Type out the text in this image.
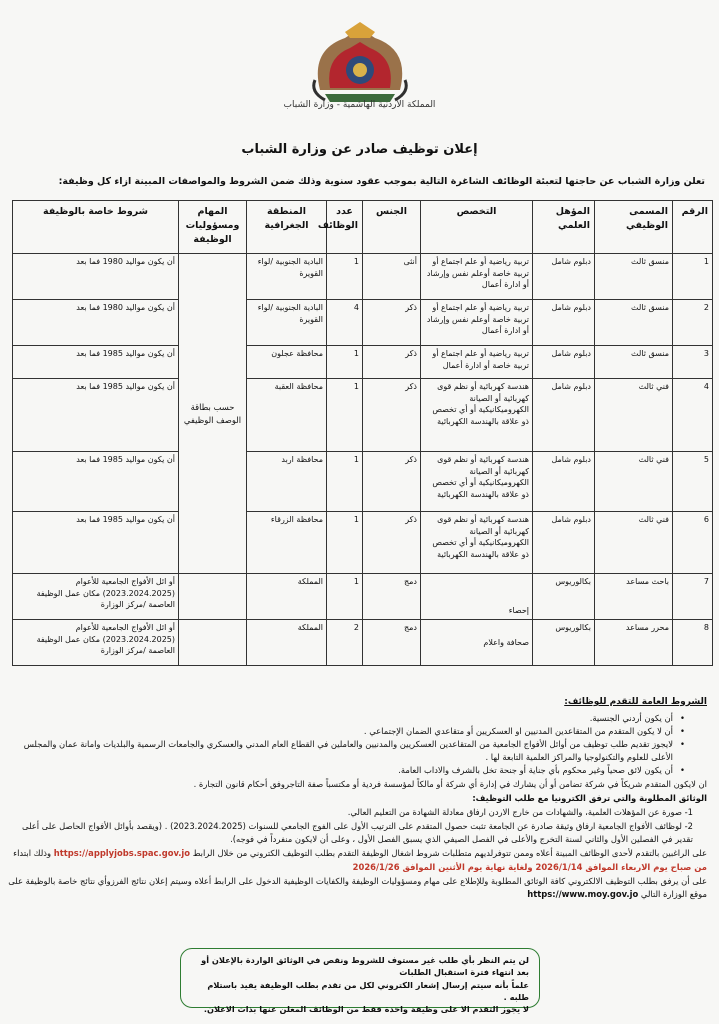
المملكة الأردنية الهاشمية - وزارة الشباب
إعلان توظيف صادر عن وزارة الشباب
تعلن وزارة الشباب عن حاجتها لتعبئة الوظائف الشاغرة التالية بموجب عقود سنوية وذلك ضمن الشروط والمواصفات المبينة ازاء كل وظيفة:
الرقم	المسمى الوظيفي	المؤهل العلمي	التخصص	الجنس	عدد الوظائف	المنطقة الجغرافية	المهام ومسؤوليات الوظيفة	شروط خاصة بالوظيفة
1	منسق ثالث	دبلوم شامل	تربية رياضية أو علم اجتماع أو تربية خاصة أوعلم نفس وإرشاد أو ادارة أعمال	أنثى	1	البادية الجنوبية /لواء القويرة	حسب بطاقة الوصف الوظيفي	أن يكون مواليد 1980 فما بعد
2	منسق ثالث	دبلوم شامل	تربية رياضية أو علم اجتماع أو تربية خاصة أوعلم نفس وإرشاد أو ادارة أعمال	ذكر	4	البادية الجنوبية /لواء القويرة		أن يكون مواليد 1980 فما بعد
3	منسق ثالث	دبلوم شامل	تربية رياضية أو علم اجتماع أو تربية خاصة أو ادارة أعمال	ذكر	1	محافظة عجلون		أن يكون مواليد 1985 فما بعد
4	فني ثالث	دبلوم شامل	هندسة كهربائية أو نظم قوى كهربائية أو الصيانة الكهروميكانيكية أو أي تخصص ذو علاقة بالهندسة الكهربائية	ذكر	1	محافظة العقبة		أن يكون مواليد 1985 فما بعد
5	فني ثالث	دبلوم شامل	هندسة كهربائية أو نظم قوى كهربائية أو الصيانة الكهروميكانيكية أو أي تخصص ذو علاقة بالهندسة الكهربائية	ذكر	1	محافظة اربد		أن يكون مواليد 1985 فما بعد
6	فني ثالث	دبلوم شامل	هندسة كهربائية أو نظم قوى كهربائية أو الصيانة الكهروميكانيكية أو أي تخصص ذو علاقة بالهندسة الكهربائية	ذكر	1	محافظة الزرقاء		أن يكون مواليد 1985 فما بعد
7	باحث مساعد	بكالوريوس	إحصاء	دمج	1	المملكة		أو ائل الأفواج الجامعية للأعوام (2023.2024.2025) مكان عمل الوظيفة العاصمة /مركز الوزارة
8	محرر مساعد	بكالوريوس	صحافة واعلام	دمج	2	المملكة		أو ائل الأفواج الجامعية للأعوام (2023.2024.2025) مكان عمل الوظيفة العاصمة /مركز الوزارة
الشروط العامة للتقدم للوظائف:
• أن يكون أردني الجنسية.
• أن لا يكون المتقدم من المتقاعدين المدنيين او العسكريين أو متقاعدي الضمان الإجتماعي .
• لايجوز تقديم طلب توظيف من أوائل الأفواج الجامعية من المتقاعدين العسكريين والمدنيين والعاملين في القطاع العام المدني والعسكري والجامعات الرسمية والبلديات وامانة عمان والمجلس الأعلى للعلوم والتكنولوجيا والمراكز العلمية التابعة لها .
• أن يكون لائق صحياً وغير محكوم بأي جناية أو جنحة تخل بالشرف والاداب العامة.
ان لايكون المتقدم شريكاً في شركة تضامن أو أن يشارك في إدارة أي شركة أو مالكاً لمؤسسة فردية أو مكتسباً صفة التاجروفق أحكام قانون التجارة .
الوثائق المطلوبة والتي ترفق الكترونيا مع طلب التوظيف:
1- صورة عن المؤهلات العلمية، والشهادات من خارج الاردن ارفاق معادلة الشهادة من التعليم العالي.
2- لوظائف الأفواج الجامعية ارفاق وثيقة صادرة عن الجامعة تثبت حصول المتقدم على الترتيب الأول على الفوج الجامعي للسنوات (2023.2024.2025) . (ويقصد بأوائل الأفواج الحاصل على أعلى تقدير في الفصلين الأول والثاني لسنة التخرج والأعلى في الفصل الصيفي الذي يسبق الفصل الأول ، وعلى أن لايكون منفرداً في فوجه).
على الراغبين بالتقدم لأحدى الوظائف المبينة أعلاه وممن تتوفرلديهم متطلبات شروط اشغال الوظيفة التقدم بطلب التوظيف الكتروني من خلال الرابط https://applyjobs.spac.gov.jo وذلك ابتداء
من صباح يوم الاربعاء الموافق 2026/1/14 ولغاية نهاية يوم الأثنين الموافق 2026/1/26
على أن يرفق بطلب التوظيف الالكتروني كافة الوثائق المطلوبة وللإطلاع على مهام ومسؤوليات الوظيفة والكفايات الوظيفية الدخول على الرابط أعلاه وسيتم إعلان نتائج الفرزوأي نتائج خاصة بالوظيفة على موقع الوزارة التالي https://www.moy.gov.jo
لن يتم النظر بأي طلب غير مستوف للشروط ونقص في الوثائق الواردة بالإعلان أو بعد انتهاء فترة استقبال الطلبات
علماً بأنه سيتم إرسال إشعار الكتروني لكل من تقدم بطلب الوظيفة يفيد باستلام طلبه .
لا يجوز التقدم الا على وظيفة واحدة فقط من الوظائف المعلن عنها بذات الاعلان.
